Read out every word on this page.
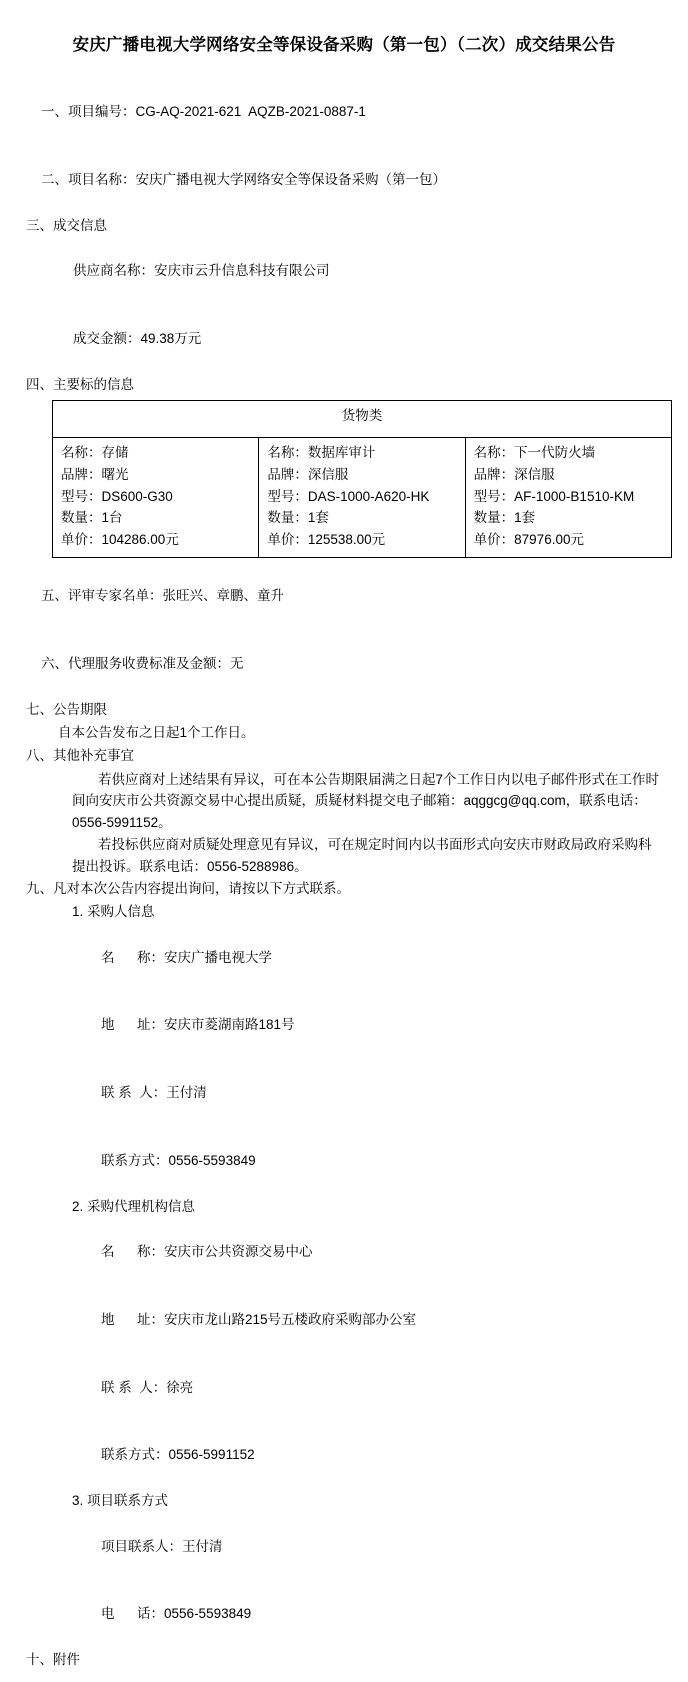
安庆广播电视大学网络安全等保设备采购（第一包）（二次）成交结果公告

一、项目编号：CG-AQ-2021-621  AQZB-2021-0887-1

二、项目名称：安庆广播电视大学网络安全等保设备采购（第一包）

三、成交信息

供应商名称：安庆市云升信息科技有限公司

成交金额：49.38万元

四、主要标的信息
货物类

名称：存储
品牌：曙光
型号：DS600-G30
数量：1台
单价：104286.00元

名称：数据库审计
品牌：深信服
型号：DAS-1000-A620-HK
数量：1套
单价：125538.00元

名称：下一代防火墙
品牌：深信服
型号：AF-1000-B1510-KM
数量：1套
单价：87976.00元

五、评审专家名单：张旺兴、章鹏、童升

六、代理服务收费标准及金额：无

七、公告期限
自本公告发布之日起1个工作日。
八、其他补充事宜

若供应商对上述结果有异议，可在本公告期限届满之日起7个工作日内以电子邮件形式在工作时间向安庆市公共资源交易中心提出质疑，质疑材料提交电子邮箱：aqggcg@qq.com，联系电话：0556-5991152。

若投标供应商对质疑处理意见有异议，可在规定时间内以书面形式向安庆市财政局政府采购科提出投诉。联系电话：0556-5288986。

九、凡对本次公告内容提出询问，请按以下方式联系。
1. 采购人信息

名      称：安庆广播电视大学

地      址：安庆市菱湖南路181号

联 系  人：王付清

联系方式：0556-5593849

2. 采购代理机构信息

名      称：安庆市公共资源交易中心

地      址：安庆市龙山路215号五楼政府采购部办公室

联 系  人：徐亮

联系方式：0556-5991152

3. 项目联系方式

项目联系人：王付清

电      话：0556-5593849

十、附件
